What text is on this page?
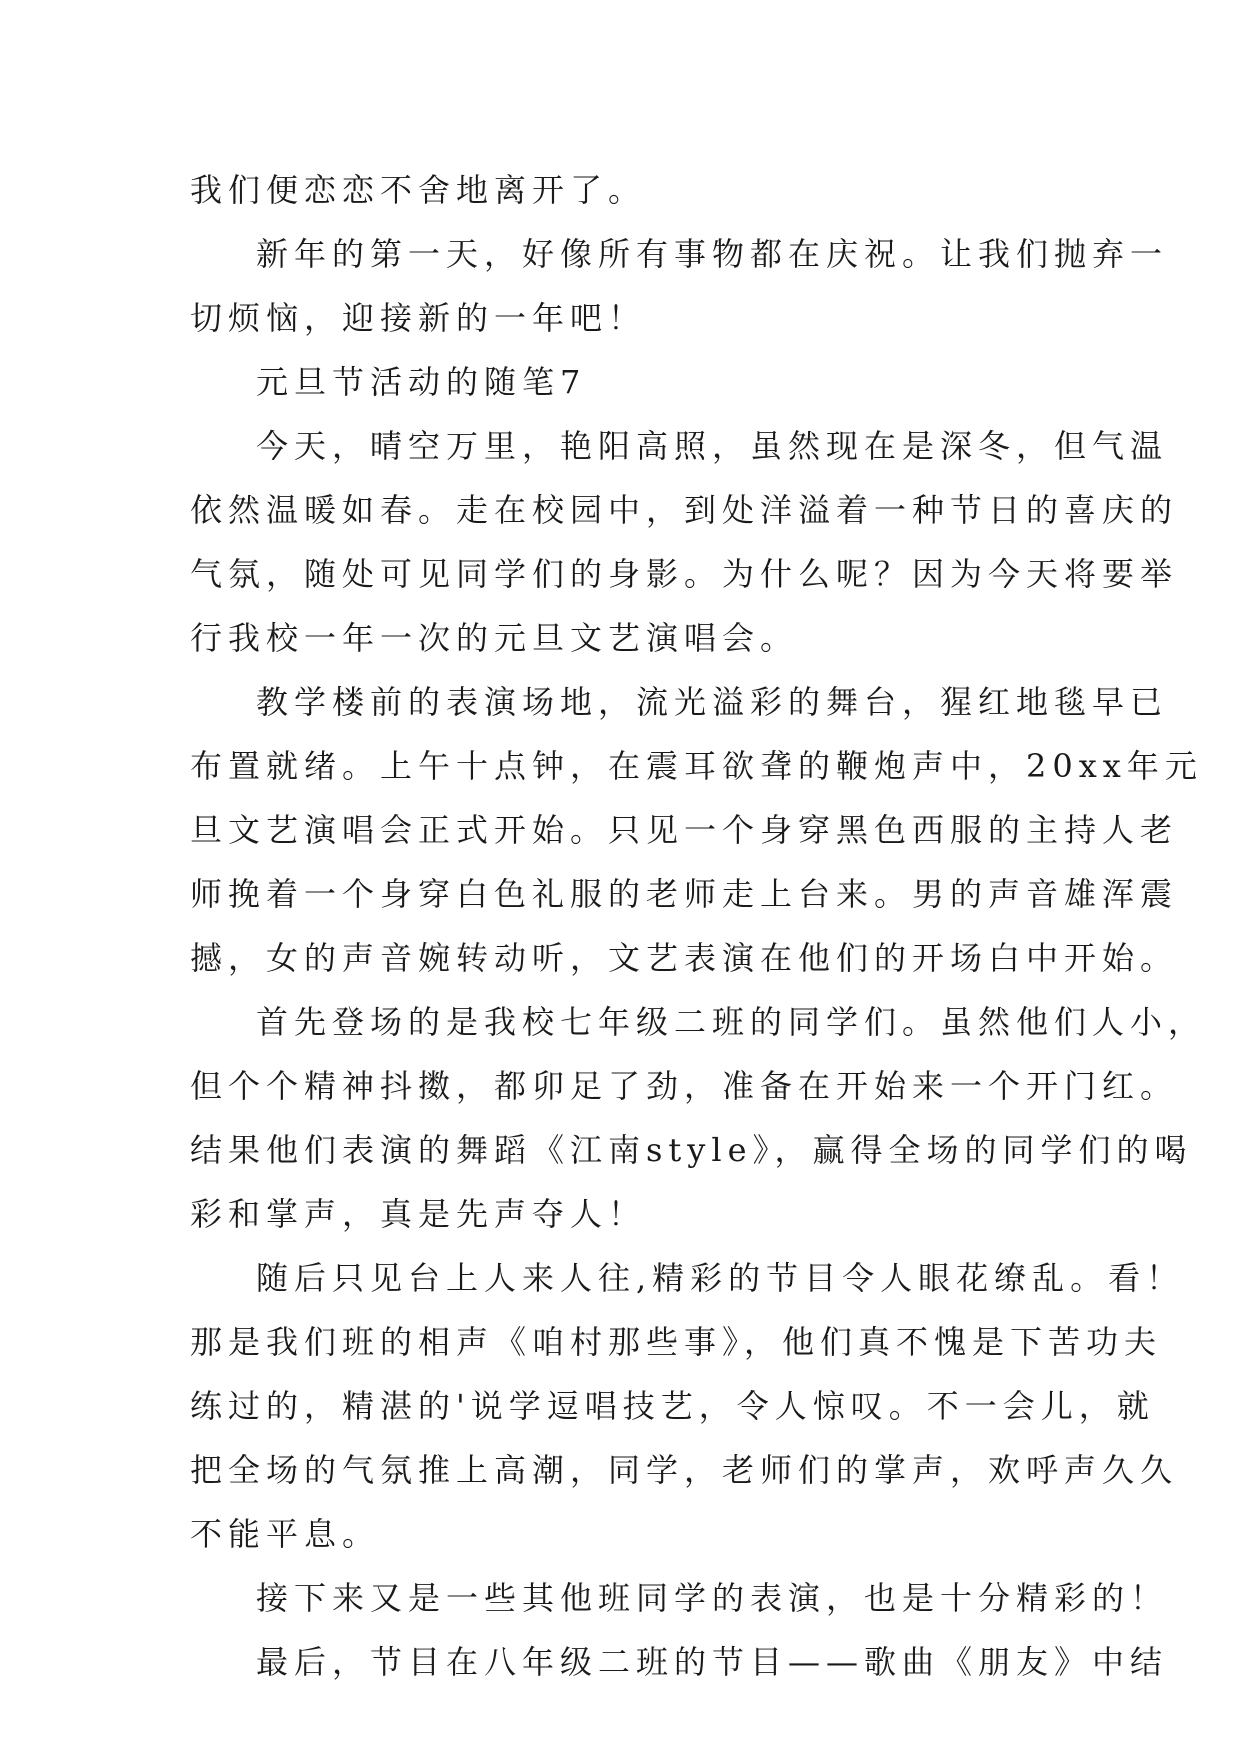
我们便恋恋不舍地离开了。
新年的第一天，好像所有事物都在庆祝。让我们抛弃一
切烦恼，迎接新的一年吧！
元旦节活动的随笔7
今天，晴空万里，艳阳高照，虽然现在是深冬，但气温
依然温暖如春。走在校园中，到处洋溢着一种节日的喜庆的
气氛，随处可见同学们的身影。为什么呢？因为今天将要举
行我校一年一次的元旦文艺演唱会。
教学楼前的表演场地，流光溢彩的舞台，猩红地毯早已
布置就绪。上午十点钟，在震耳欲聋的鞭炮声中，20xx年元
旦文艺演唱会正式开始。只见一个身穿黑色西服的主持人老
师挽着一个身穿白色礼服的老师走上台来。男的声音雄浑震
撼，女的声音婉转动听，文艺表演在他们的开场白中开始。
首先登场的是我校七年级二班的同学们。虽然他们人小，
但个个精神抖擞，都卯足了劲，准备在开始来一个开门红。
结果他们表演的舞蹈《江南style》，赢得全场的同学们的喝
彩和掌声，真是先声夺人！
随后只见台上人来人往,精彩的节目令人眼花缭乱。看！
那是我们班的相声《咱村那些事》，他们真不愧是下苦功夫
练过的，精湛的'说学逗唱技艺，令人惊叹。不一会儿，就
把全场的气氛推上高潮，同学，老师们的掌声，欢呼声久久
不能平息。
接下来又是一些其他班同学的表演，也是十分精彩的！
最后，节目在八年级二班的节目——歌曲《朋友》中结
